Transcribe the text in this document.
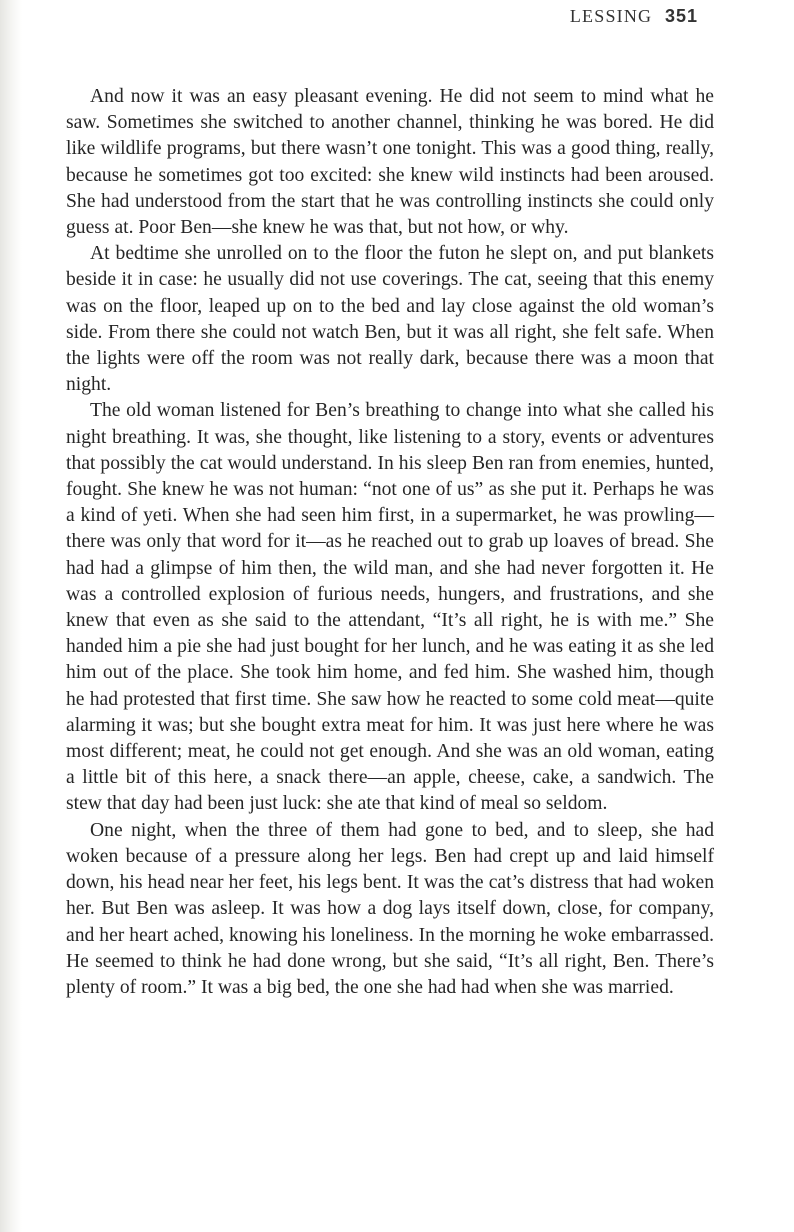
LESSING 351

And now it was an easy pleasant evening. He did not seem to mind what he saw. Sometimes she switched to another channel, thinking he was bored. He did like wildlife programs, but there wasn’t one tonight. This was a good thing, really, because he sometimes got too excited: she knew wild instincts had been aroused. She had understood from the start that he was controlling instincts she could only guess at. Poor Ben—she knew he was that, but not how, or why.

At bedtime she unrolled on to the floor the futon he slept on, and put blankets beside it in case: he usually did not use coverings. The cat, seeing that this enemy was on the floor, leaped up on to the bed and lay close against the old woman’s side. From there she could not watch Ben, but it was all right, she felt safe. When the lights were off the room was not really dark, because there was a moon that night.

The old woman listened for Ben’s breathing to change into what she called his night breathing. It was, she thought, like listening to a story, events or adventures that possibly the cat would understand. In his sleep Ben ran from enemies, hunted, fought. She knew he was not human: “not one of us” as she put it. Perhaps he was a kind of yeti. When she had seen him first, in a supermarket, he was prowling—there was only that word for it—as he reached out to grab up loaves of bread. She had had a glimpse of him then, the wild man, and she had never forgotten it. He was a controlled explosion of furious needs, hungers, and frustrations, and she knew that even as she said to the attendant, “It’s all right, he is with me.” She handed him a pie she had just bought for her lunch, and he was eating it as she led him out of the place. She took him home, and fed him. She washed him, though he had protested that first time. She saw how he reacted to some cold meat—quite alarming it was; but she bought extra meat for him. It was just here where he was most different; meat, he could not get enough. And she was an old woman, eating a little bit of this here, a snack there—an apple, cheese, cake, a sandwich. The stew that day had been just luck: she ate that kind of meal so seldom.

One night, when the three of them had gone to bed, and to sleep, she had woken because of a pressure along her legs. Ben had crept up and laid himself down, his head near her feet, his legs bent. It was the cat’s distress that had woken her. But Ben was asleep. It was how a dog lays itself down, close, for company, and her heart ached, knowing his loneliness. In the morning he woke embarrassed. He seemed to think he had done wrong, but she said, “It’s all right, Ben. There’s plenty of room.” It was a big bed, the one she had had when she was married.
